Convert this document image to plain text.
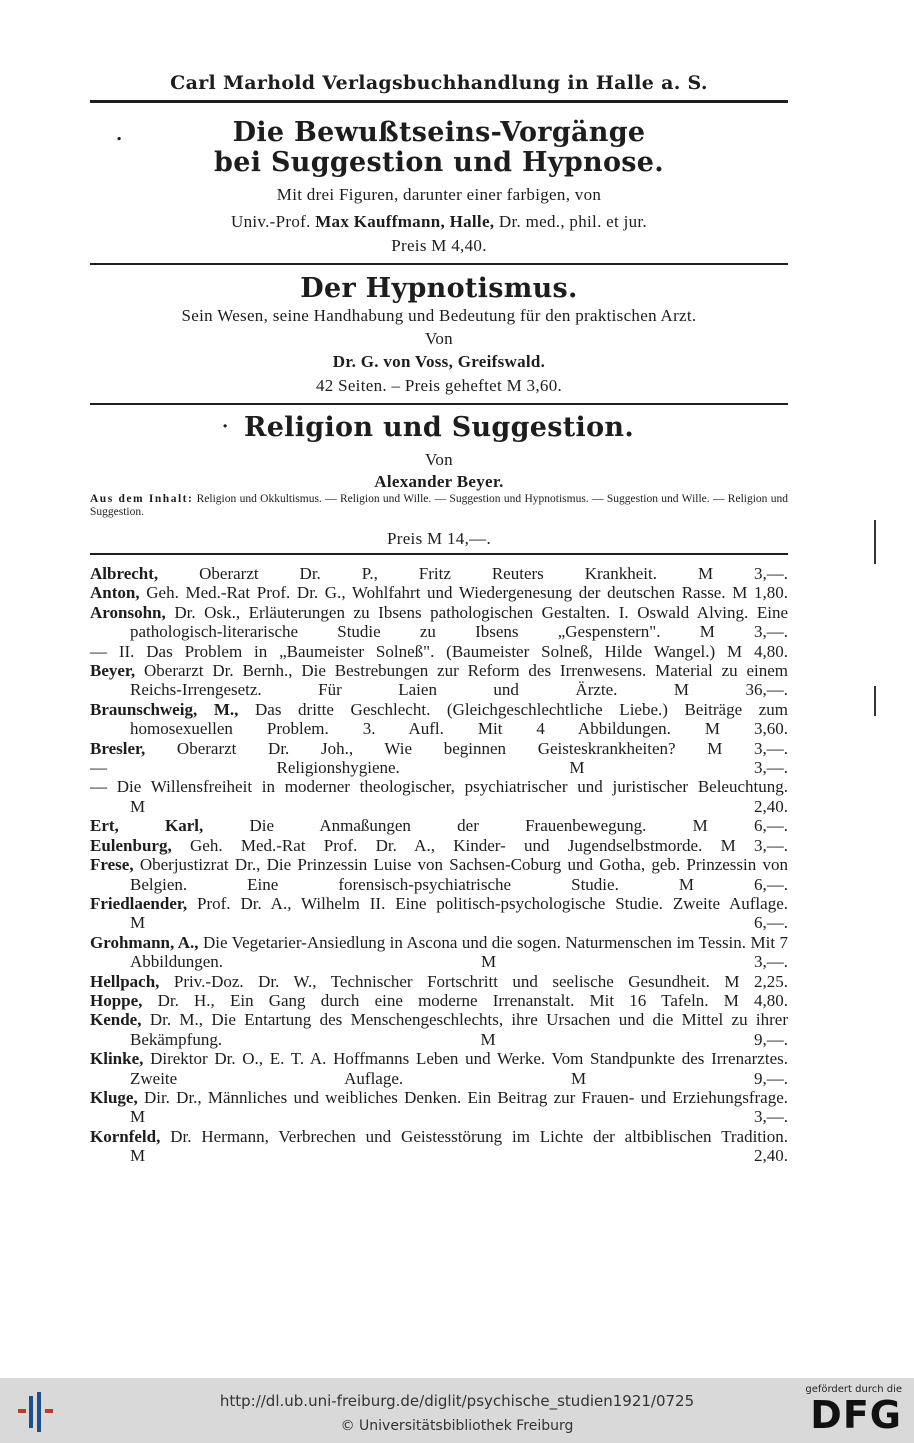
Carl Marhold Verlagsbuchhandlung in Halle a. S.
.	Die Bewußtseins-Vorgänge
bei Suggestion und Hypnose.
Mit drei Figuren, darunter einer farbigen, von
Univ.-Prof. Max Kauffmann, Halle, Dr. med., phil. et jur.
Preis M 4,40.
Der Hypnotismus.
Sein Wesen, seine Handhabung und Bedeutung für den praktischen Arzt.
Von
Dr. G. von Voss, Greifswald.
42 Seiten. – Preis geheftet M 3,60.
· Religion und Suggestion.
Von
Alexander Beyer.
Aus dem Inhalt: Religion und Okkultismus. — Religion und Wille. — Suggestion und Hypnotismus. — Suggestion und Wille. — Religion und Suggestion.
Preis M 14,—.
Albrecht, Oberarzt Dr. P., Fritz Reuters Krankheit. M 3,—.
Anton, Geh. Med.-Rat Prof. Dr. G., Wohlfahrt und Wiedergenesung der deutschen Rasse. M 1,80.
Aronsohn, Dr. Osk., Erläuterungen zu Ibsens pathologischen Gestalten. I. Oswald Alving. Eine pathologisch-literarische Studie zu Ibsens „Gespenstern". M 3,—.
— II. Das Problem in „Baumeister Solneß". (Baumeister Solneß, Hilde Wangel.) M 4,80.
Beyer, Oberarzt Dr. Bernh., Die Bestrebungen zur Reform des Irrenwesens. Material zu einem Reichs-Irrengesetz. Für Laien und Ärzte.	M 36,—.
Braunschweig, M., Das dritte Geschlecht. (Gleichgeschlechtliche Liebe.) Beiträge zum homosexuellen Problem. 3. Aufl. Mit 4 Abbildungen. M 3,60.
Bresler, Oberarzt Dr. Joh., Wie beginnen Geisteskrankheiten? M 3,—.
— Religionshygiene.	M 3,—.
— Die Willensfreiheit in moderner theologischer, psychiatrischer und juristischer Beleuchtung. M 2,40.
Ert, Karl,	Die Anmaßungen der Frauenbewegung.	M 6,—.
Eulenburg, Geh. Med.-Rat Prof. Dr. A., Kinder- und Jugendselbstmorde. M 3,—.
Frese, Oberjustizrat Dr., Die Prinzessin Luise von Sachsen-Coburg und Gotha, geb. Prinzessin von Belgien. Eine forensisch-psychiatrische Studie.	M 6,—.
Friedlaender, Prof. Dr. A., Wilhelm II. Eine politisch-psychologische Studie. Zweite Auflage. M 6,—.
Grohmann, A., Die Vegetarier-Ansiedlung in Ascona und die sogen. Naturmenschen im Tessin. Mit 7 Abbildungen.	M 3,—.
Hellpach, Priv.-Doz. Dr. W., Technischer Fortschritt und seelische Gesundheit. M 2,25.
Hoppe, Dr. H., Ein Gang durch eine moderne Irrenanstalt. Mit 16 Tafeln. M 4,80.
Kende, Dr. M., Die Entartung des Menschengeschlechts, ihre Ursachen und die Mittel zu ihrer Bekämpfung.	M 9,—.
Klinke, Direktor Dr. O., E. T. A. Hoffmanns Leben und Werke. Vom Standpunkte des Irrenarztes. Zweite Auflage.	M 9,—.
Kluge, Dir. Dr., Männliches und weibliches Denken. Ein Beitrag zur Frauen- und Erziehungsfrage. M 3,—.
Kornfeld, Dr. Hermann, Verbrechen und Geistesstörung im Lichte der altbiblischen Tradition. M 2,40.
http://dl.ub.uni-freiburg.de/diglit/psychische_studien1921/0725
© Universitätsbibliothek Freiburg
gefördert durch die
DFG
